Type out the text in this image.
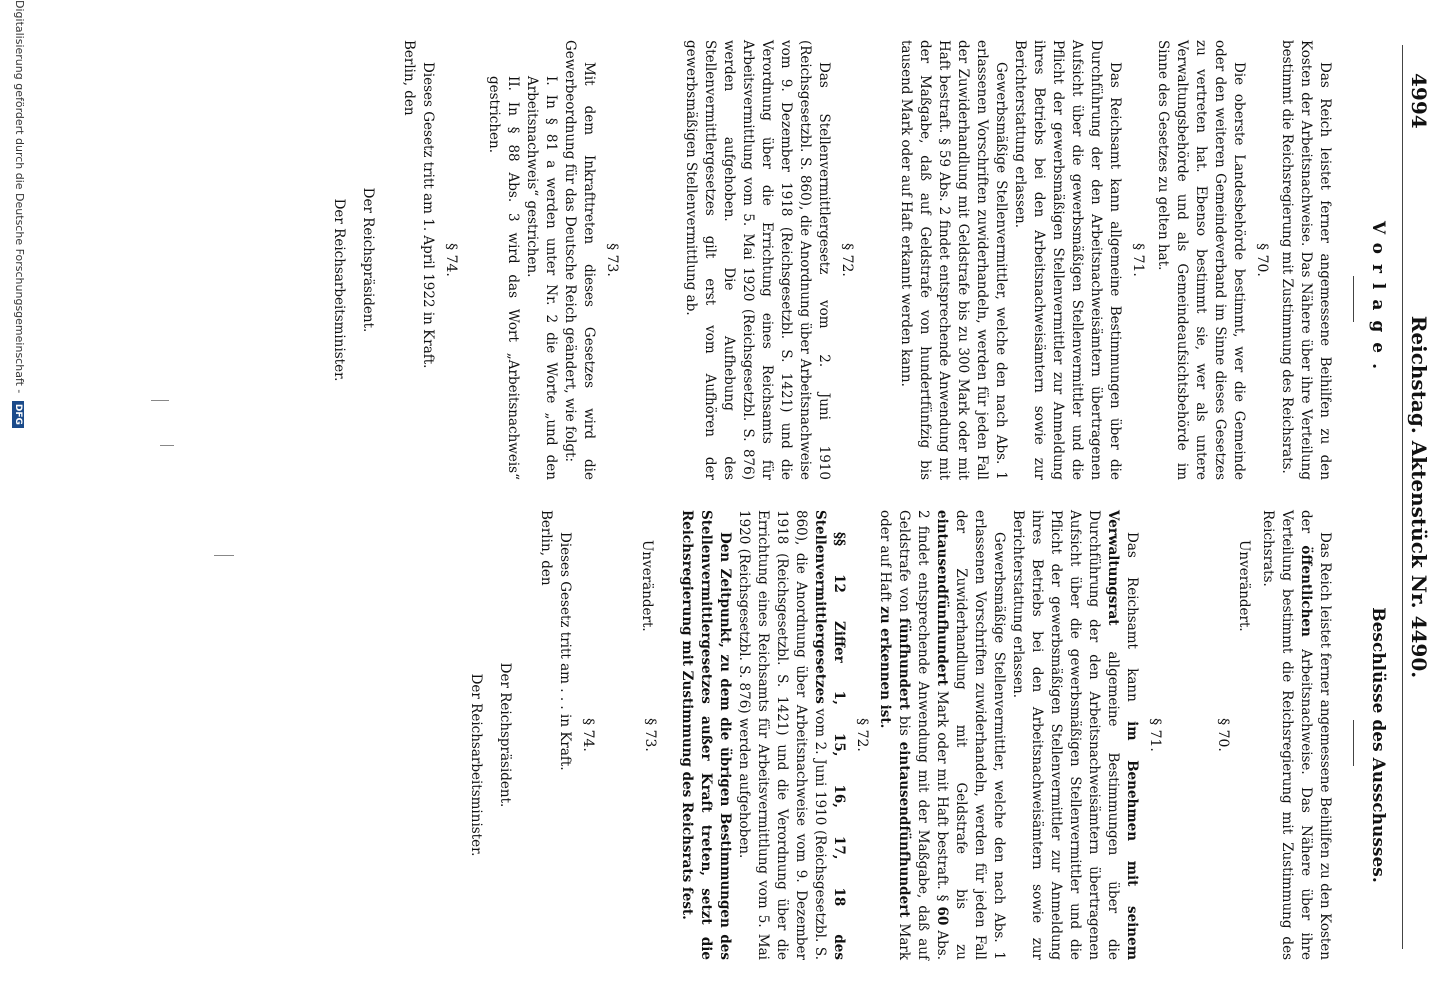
4994
Reichstag. Aktenstück Nr. 4490.
Vorlage.
Beschlüsse des Ausschusses.

Das Reich leistet ferner angemessene Beihilfen zu den Kosten der Arbeitsnachweise. Das Nähere über ihre Verteilung bestimmt die Reichsregierung mit Zustimmung des Reichsrats.

§ 70.

Die oberste Landesbehörde bestimmt, wer die Gemeinde oder den weiteren Gemeindeverband im Sinne dieses Gesetzes zu vertreten hat. Ebenso bestimmt sie, wer als untere Verwaltungsbehörde und als Gemeindeaufsichtsbehörde im Sinne des Gesetzes zu gelten hat.

§ 71.

Das Reichsamt kann allgemeine Bestimmungen über die Durchführung der den Arbeitsnachweisämtern übertragenen Aufsicht über die gewerbsmäßigen Stellenvermittler und die Pflicht der gewerbsmäßigen Stellenvermittler zur Anmeldung ihres Betriebs bei den Arbeitsnachweisämtern sowie zur Berichterstattung erlassen.

Gewerbsmäßige Stellenvermittler, welche den nach Abs. 1 erlassenen Vorschriften zuwiderhandeln, werden für jeden Fall der Zuwiderhandlung mit Geldstrafe bis zu 300 Mark oder mit Haft bestraft. § 59 Abs. 2 findet entsprechende Anwendung mit der Maßgabe, daß auf Geldstrafe von hundertfünfzig bis tausend Mark oder auf Haft erkannt werden kann.

§ 72.

Das Stellenvermittlergesetz vom 2. Juni 1910 (Reichsgesetzbl. S. 860), die Anordnung über Arbeitsnachweise vom 9. Dezember 1918 (Reichsgesetzbl. S. 1421) und die Verordnung über die Errichtung eines Reichsamts für Arbeitsvermittlung vom 5. Mai 1920 (Reichsgesetzbl. S. 876) werden aufgehoben. Die Aufhebung des Stellenvermittlergesetzes gilt erst vom Aufhören der gewerbsmäßigen Stellenvermittlung ab.

§ 73.

Mit dem Inkrafttreten dieses Gesetzes wird die Gewerbeordnung für das Deutsche Reich geändert, wie folgt:

I. In § 81 a werden unter Nr. 2 die Worte „und den Arbeitsnachweis“ gestrichen.

II. In § 88 Abs. 3 wird das Wort „Arbeitsnachweis“ gestrichen.

§ 74.

Dieses Gesetz tritt am 1. April 1922 in Kraft.

Berlin, den

Der Reichspräsident.
Der Reichsarbeitsminister.

Das Reich leistet ferner angemessene Beihilfen zu den Kosten der öffentlichen Arbeitsnachweise. Das Nähere über ihre Verteilung bestimmt die Reichsregierung mit Zustimmung des Reichsrats.

§ 70.
Unverändert.
§ 71.

Das Reichsamt kann im Benehmen mit seinem Verwaltungsrat allgemeine Bestimmungen über die Durchführung der den Arbeitsnachweisämtern übertragenen Aufsicht über die gewerbsmäßigen Stellenvermittler und die Pflicht der gewerbsmäßigen Stellenvermittler zur Anmeldung ihres Betriebs bei den Arbeitsnachweisämtern sowie zur Berichterstattung erlassen.

Gewerbsmäßige Stellenvermittler, welche den nach Abs. 1 erlassenen Vorschriften zuwiderhandeln, werden für jeden Fall der Zuwiderhandlung mit Geldstrafe bis zu eintausendfünfhundert Mark oder mit Haft bestraft. § 60 Abs. 2 findet entsprechende Anwendung mit der Maßgabe, daß auf Geldstrafe von fünfhundert bis eintausendfünfhundert Mark oder auf Haft zu erkennen ist.

§ 72.

§§ 12 Ziffer 1, 15, 16, 17, 18 des Stellenvermittlergesetzes vom 2. Juni 1910 (Reichsgesetzbl. S. 860), die Anordnung über Arbeitsnachweise vom 9. Dezember 1918 (Reichsgesetzbl. S. 1421) und die Verordnung über die Errichtung eines Reichsamts für Arbeitsvermittlung vom 5. Mai 1920 (Reichsgesetzbl. S. 876) werden aufgehoben.

Den Zeitpunkt, zu dem die übrigen Bestimmungen des Stellenvermittlergesetzes außer Kraft treten, setzt die Reichsregierung mit Zustimmung des Reichsrats fest.

§ 73.
Unverändert.
§ 74.

Dieses Gesetz tritt am . . . in Kraft.

Berlin, den

Der Reichspräsident.
Der Reichsarbeitsminister.
Digitalisierung gefördert durch die Deutsche Forschungsgemeinschaft - DFG
